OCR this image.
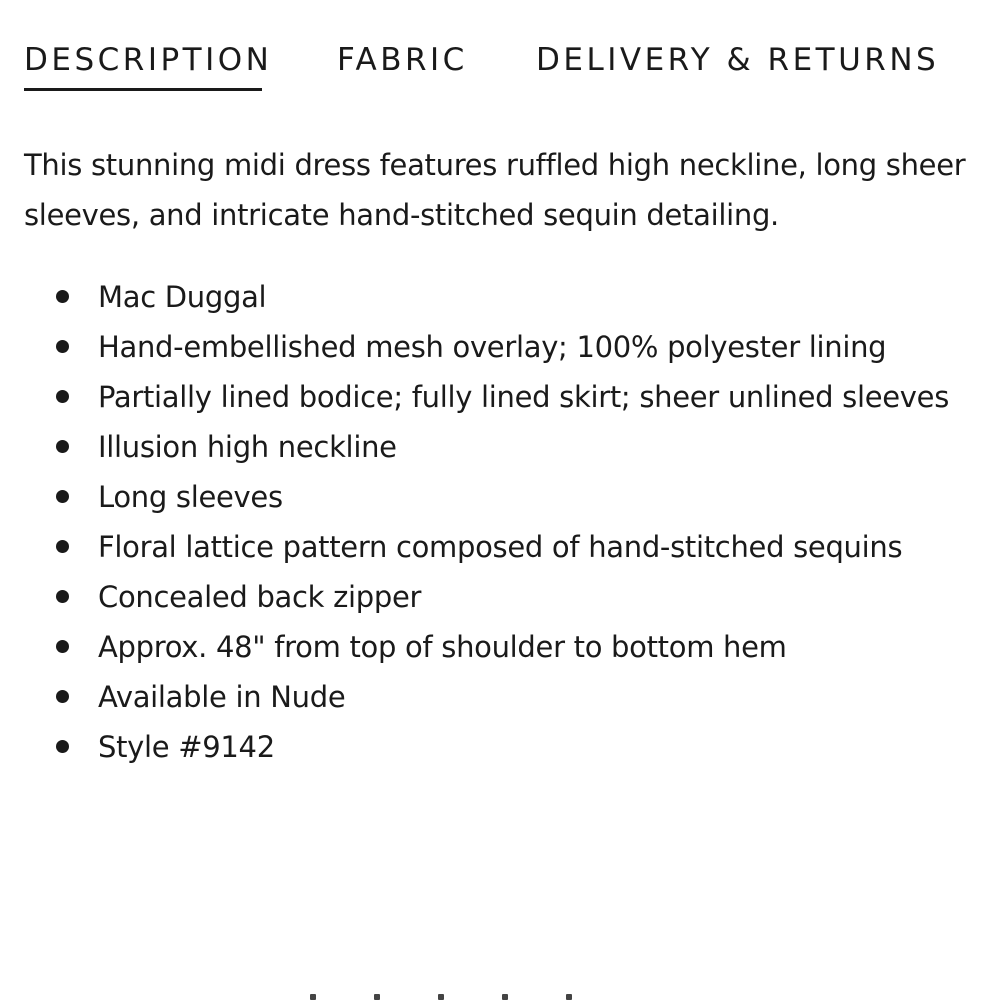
DESCRIPTION FABRIC DELIVERY & RETURNS

This stunning midi dress features ruffled high neckline, long sheer sleeves, and intricate hand-stitched sequin detailing.

Mac Duggal
Hand-embellished mesh overlay; 100% polyester lining
Partially lined bodice; fully lined skirt; sheer unlined sleeves
Illusion high neckline
Long sleeves
Floral lattice pattern composed of hand-stitched sequins
Concealed back zipper
Approx. 48" from top of shoulder to bottom hem
Available in Nude
Style #9142
